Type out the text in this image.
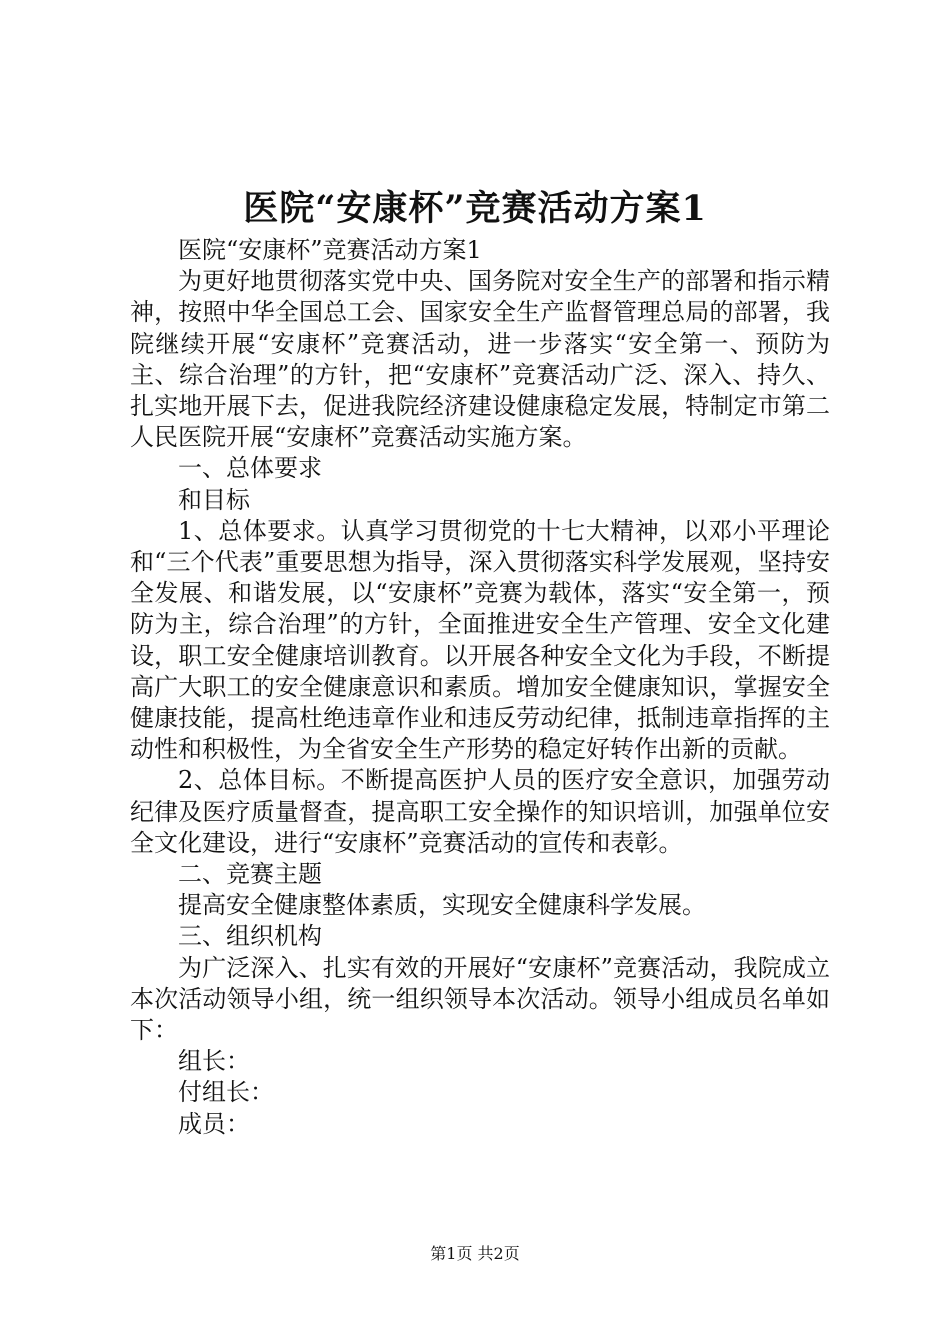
医院“安康杯”竞赛活动方案1

医院“安康杯”竞赛活动方案1

为更好地贯彻落实党中央、国务院对安全生产的部署和指示精神，按照中华全国总工会、国家安全生产监督管理总局的部署，我院继续开展“安康杯”竞赛活动，进一步落实“安全第一、预防为主、综合治理”的方针，把“安康杯”竞赛活动广泛、深入、持久、扎实地开展下去，促进我院经济建设健康稳定发展，特制定市第二人民医院开展“安康杯”竞赛活动实施方案。

一、总体要求

和目标

1、总体要求。认真学习贯彻党的十七大精神，以邓小平理论和“三个代表”重要思想为指导，深入贯彻落实科学发展观，坚持安全发展、和谐发展，以“安康杯”竞赛为载体，落实“安全第一，预防为主，综合治理”的方针，全面推进安全生产管理、安全文化建设，职工安全健康培训教育。以开展各种安全文化为手段，不断提高广大职工的安全健康意识和素质。增加安全健康知识，掌握安全健康技能，提高杜绝违章作业和违反劳动纪律，抵制违章指挥的主动性和积极性，为全省安全生产形势的稳定好转作出新的贡献。

2、总体目标。不断提高医护人员的医疗安全意识，加强劳动纪律及医疗质量督查，提高职工安全操作的知识培训，加强单位安全文化建设，进行“安康杯”竞赛活动的宣传和表彰。

二、竞赛主题

提高安全健康整体素质，实现安全健康科学发展。

三、组织机构

为广泛深入、扎实有效的开展好“安康杯”竞赛活动，我院成立本次活动领导小组，统一组织领导本次活动。领导小组成员名单如下：

组长：

付组长：

成员：

第1页 共2页
